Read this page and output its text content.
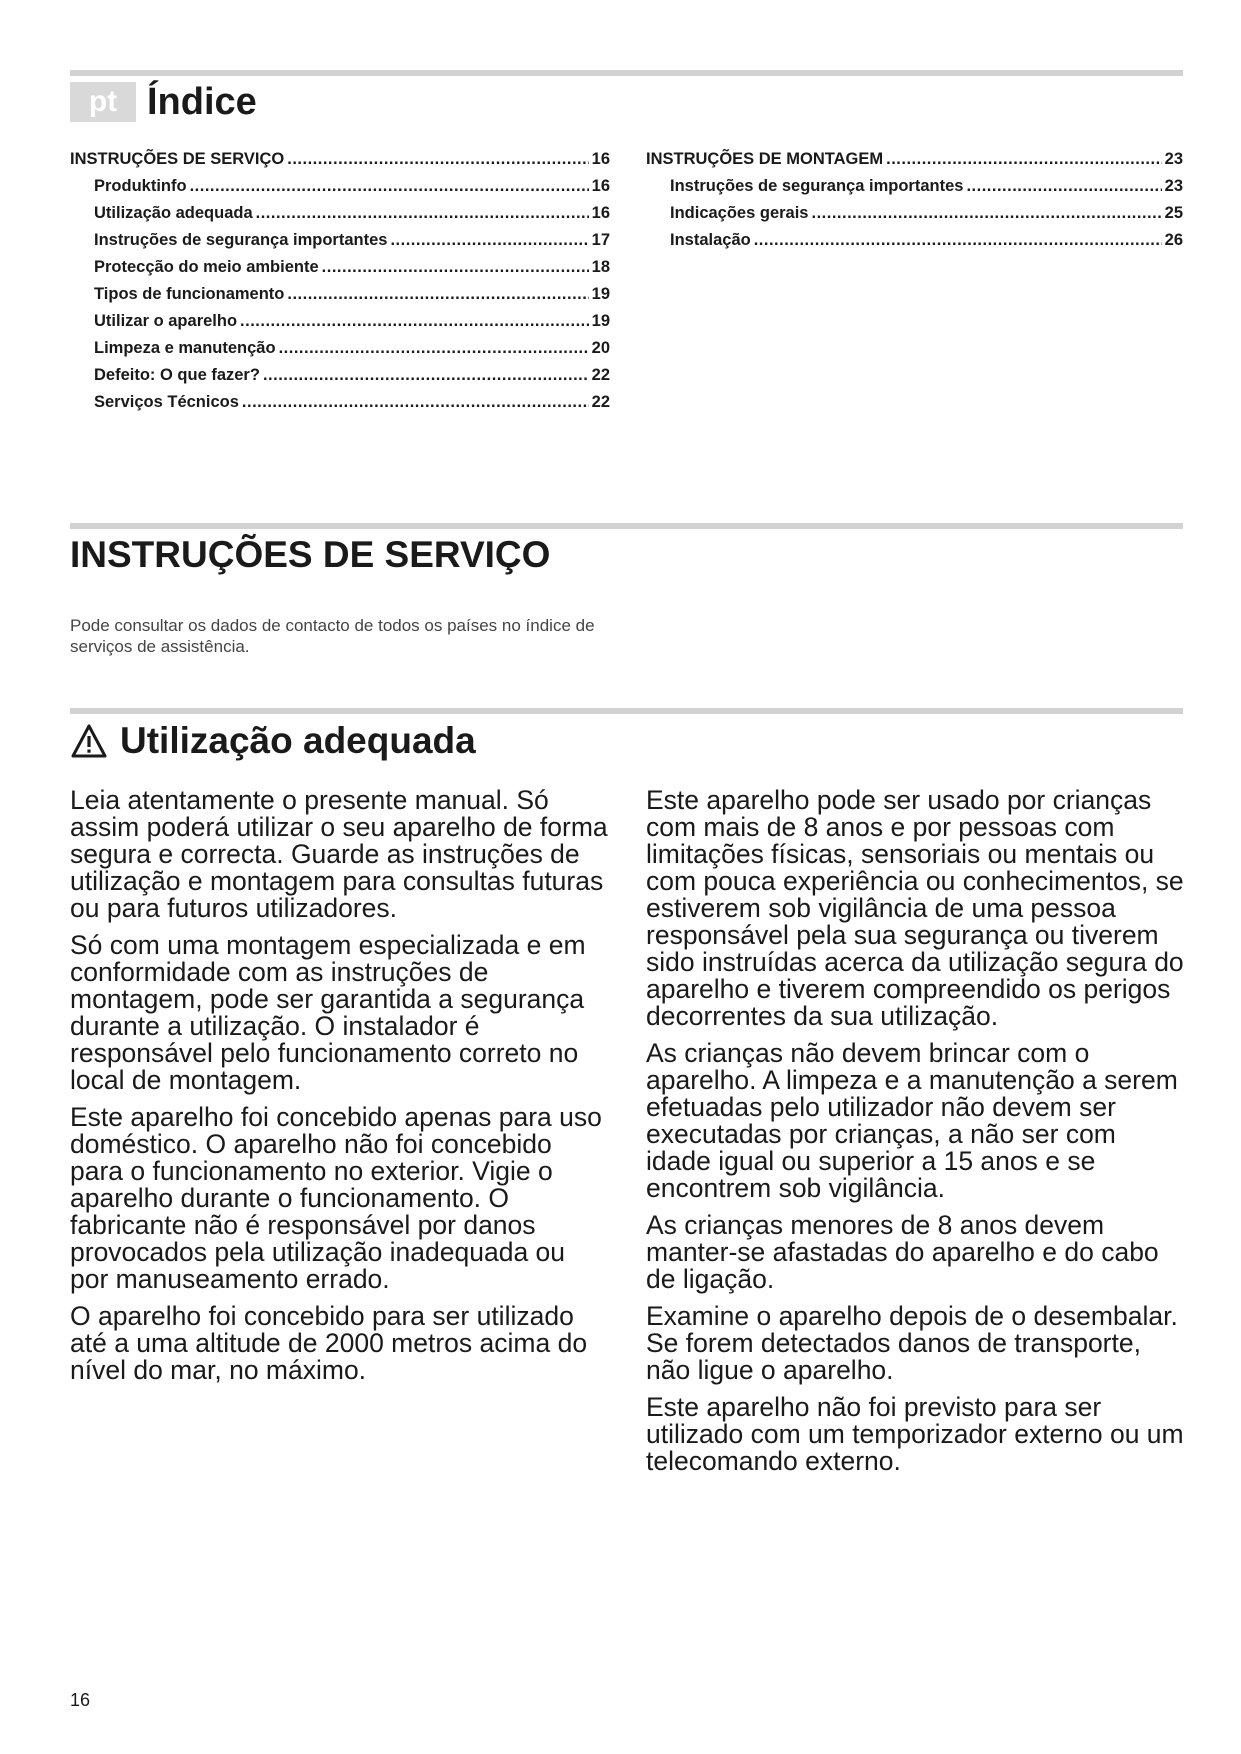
pt Índice
INSTRUÇÕES DE SERVIÇO .....	16
Produktinfo .....	16
Utilização adequada .....	16
Instruções de segurança importantes .....	17
Protecção do meio ambiente .....	18
Tipos de funcionamento .....	19
Utilizar o aparelho .....	19
Limpeza e manutenção .....	20
Defeito: O que fazer? .....	22
Serviços Técnicos .....	22
INSTRUÇÕES DE MONTAGEM .....	23
Instruções de segurança importantes .....	23
Indicações gerais .....	25
Instalação .....	26
INSTRUÇÕES DE SERVIÇO
Pode consultar os dados de contacto de todos os países no índice de serviços de assistência.
Utilização adequada

Leia atentamente o presente manual. Só assim poderá utilizar o seu aparelho de forma segura e correcta. Guarde as instruções de utilização e montagem para consultas futuras ou para futuros utilizadores.

Só com uma montagem especializada e em conformidade com as instruções de montagem, pode ser garantida a segurança durante a utilização. O instalador é responsável pelo funcionamento correto no local de montagem.

Este aparelho foi concebido apenas para uso doméstico. O aparelho não foi concebido para o funcionamento no exterior. Vigie o aparelho durante o funcionamento. O fabricante não é responsável por danos provocados pela utilização inadequada ou por manuseamento errado.

O aparelho foi concebido para ser utilizado até a uma altitude de 2000 metros acima do nível do mar, no máximo.

Este aparelho pode ser usado por crianças com mais de 8 anos e por pessoas com limitações físicas, sensoriais ou mentais ou com pouca experiência ou conhecimentos, se estiverem sob vigilância de uma pessoa responsável pela sua segurança ou tiverem sido instruídas acerca da utilização segura do aparelho e tiverem compreendido os perigos decorrentes da sua utilização.

As crianças não devem brincar com o aparelho. A limpeza e a manutenção a serem efetuadas pelo utilizador não devem ser executadas por crianças, a não ser com idade igual ou superior a 15 anos e se encontrem sob vigilância.

As crianças menores de 8 anos devem manter-se afastadas do aparelho e do cabo de ligação.

Examine o aparelho depois de o desembalar. Se forem detectados danos de transporte, não ligue o aparelho.

Este aparelho não foi previsto para ser utilizado com um temporizador externo ou um telecomando externo.

16
